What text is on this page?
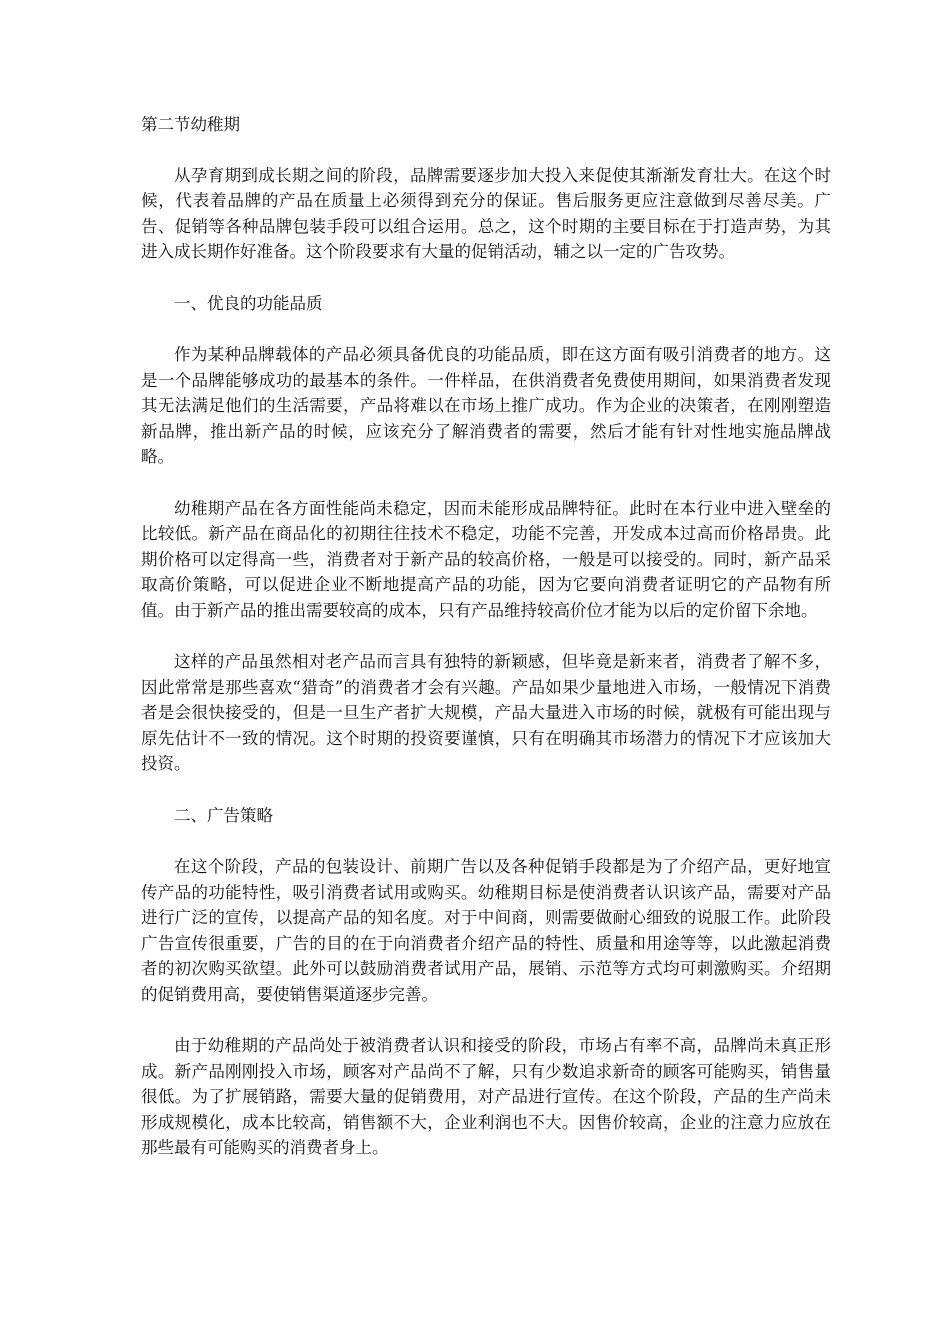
第二节幼稚期

从孕育期到成长期之间的阶段，品牌需要逐步加大投入来促使其渐渐发育壮大。在这个时候，代表着品牌的产品在质量上必须得到充分的保证。售后服务更应注意做到尽善尽美。广告、促销等各种品牌包装手段可以组合运用。总之，这个时期的主要目标在于打造声势，为其进入成长期作好准备。这个阶段要求有大量的促销活动，辅之以一定的广告攻势。

一、优良的功能品质

作为某种品牌载体的产品必须具备优良的功能品质，即在这方面有吸引消费者的地方。这是一个品牌能够成功的最基本的条件。一件样品，在供消费者免费使用期间，如果消费者发现其无法满足他们的生活需要，产品将难以在市场上推广成功。作为企业的决策者，在刚刚塑造新品牌，推出新产品的时候，应该充分了解消费者的需要，然后才能有针对性地实施品牌战略。

幼稚期产品在各方面性能尚未稳定，因而未能形成品牌特征。此时在本行业中进入壁垒的比较低。新产品在商品化的初期往往技术不稳定，功能不完善，开发成本过高而价格昂贵。此期价格可以定得高一些，消费者对于新产品的较高价格，一般是可以接受的。同时，新产品采取高价策略，可以促进企业不断地提高产品的功能，因为它要向消费者证明它的产品物有所值。由于新产品的推出需要较高的成本，只有产品维持较高价位才能为以后的定价留下余地。

这样的产品虽然相对老产品而言具有独特的新颖感，但毕竟是新来者，消费者了解不多，因此常常是那些喜欢“猎奇”的消费者才会有兴趣。产品如果少量地进入市场，一般情况下消费者是会很快接受的，但是一旦生产者扩大规模，产品大量进入市场的时候，就极有可能出现与原先估计不一致的情况。这个时期的投资要谨慎，只有在明确其市场潜力的情况下才应该加大投资。

二、广告策略

在这个阶段，产品的包装设计、前期广告以及各种促销手段都是为了介绍产品，更好地宣传产品的功能特性，吸引消费者试用或购买。幼稚期目标是使消费者认识该产品，需要对产品进行广泛的宣传，以提高产品的知名度。对于中间商，则需要做耐心细致的说服工作。此阶段广告宣传很重要，广告的目的在于向消费者介绍产品的特性、质量和用途等等，以此激起消费者的初次购买欲望。此外可以鼓励消费者试用产品，展销、示范等方式均可刺激购买。介绍期的促销费用高，要使销售渠道逐步完善。

由于幼稚期的产品尚处于被消费者认识和接受的阶段，市场占有率不高，品牌尚未真正形成。新产品刚刚投入市场，顾客对产品尚不了解，只有少数追求新奇的顾客可能购买，销售量很低。为了扩展销路，需要大量的促销费用，对产品进行宣传。在这个阶段，产品的生产尚未形成规模化，成本比较高，销售额不大，企业利润也不大。因售价较高，企业的注意力应放在那些最有可能购买的消费者身上。
